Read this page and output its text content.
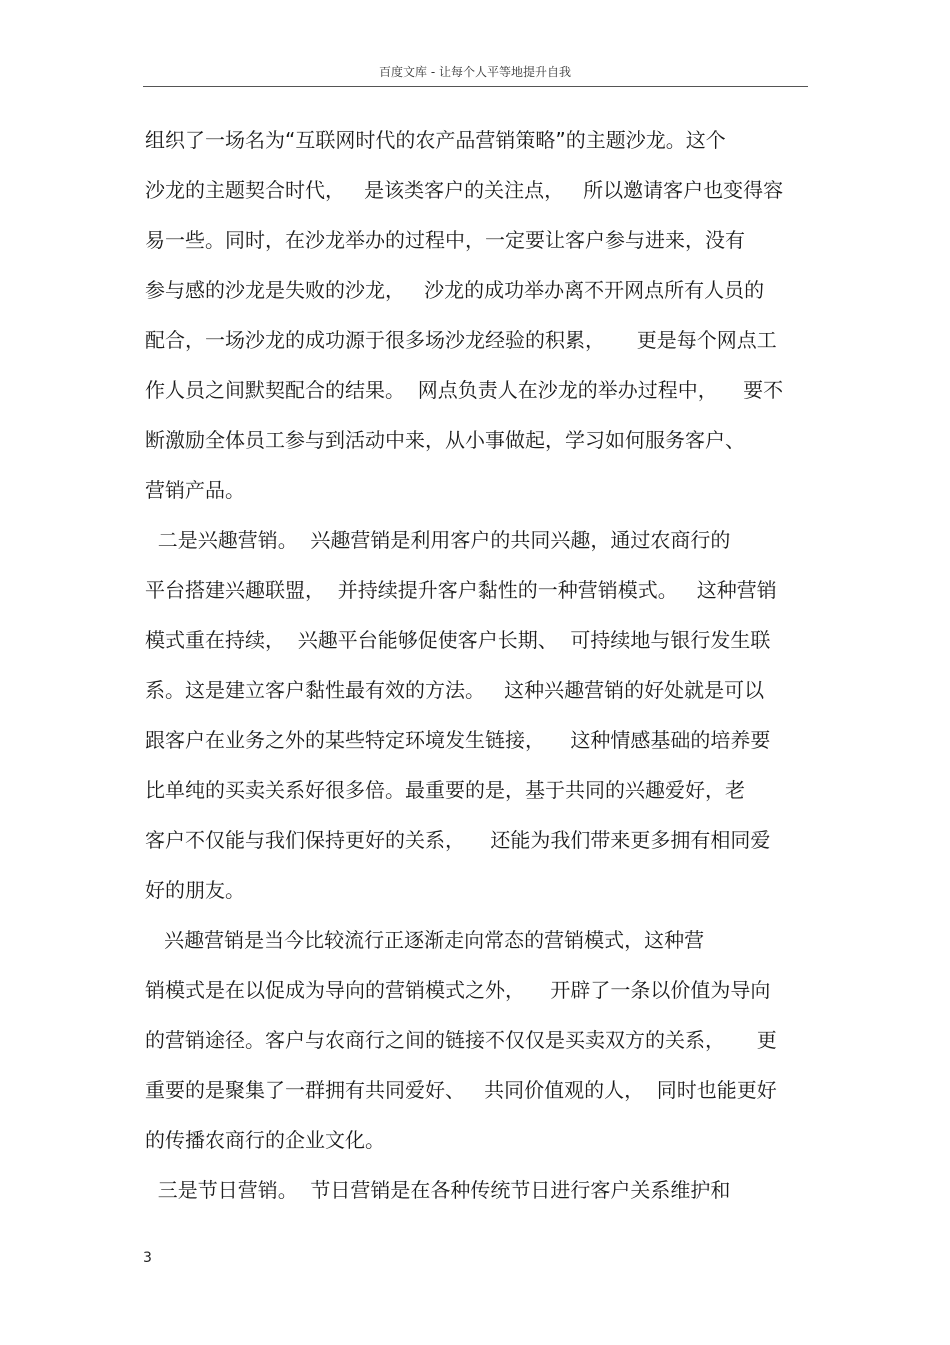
百度文库 - 让每个人平等地提升自我
组织了一场名为“互联网时代的农产品营销策略”的主题沙龙。这个
沙龙的主题契合时代，   是该类客户的关注点，   所以邀请客户也变得容
易一些。同时，在沙龙举办的过程中，一定要让客户参与进来，没有
参与感的沙龙是失败的沙龙，   沙龙的成功举办离不开网点所有人员的
配合，一场沙龙的成功源于很多场沙龙经验的积累，     更是每个网点工
作人员之间默契配合的结果。  网点负责人在沙龙的举办过程中，    要不
断激励全体员工参与到活动中来，从小事做起，学习如何服务客户、
营销产品。
二是兴趣营销。  兴趣营销是利用客户的共同兴趣，通过农商行的
平台搭建兴趣联盟，  并持续提升客户黏性的一种营销模式。   这种营销
模式重在持续，  兴趣平台能够促使客户长期、  可持续地与银行发生联
系。这是建立客户黏性最有效的方法。   这种兴趣营销的好处就是可以
跟客户在业务之外的某些特定环境发生链接，    这种情感基础的培养要
比单纯的买卖关系好很多倍。最重要的是，基于共同的兴趣爱好，老
客户不仅能与我们保持更好的关系，    还能为我们带来更多拥有相同爱
好的朋友。
兴趣营销是当今比较流行正逐渐走向常态的营销模式，这种营
销模式是在以促成为导向的营销模式之外，    开辟了一条以价值为导向
的营销途径。客户与农商行之间的链接不仅仅是买卖双方的关系，     更
重要的是聚集了一群拥有共同爱好、   共同价值观的人，  同时也能更好
的传播农商行的企业文化。
三是节日营销。  节日营销是在各种传统节日进行客户关系维护和
3
